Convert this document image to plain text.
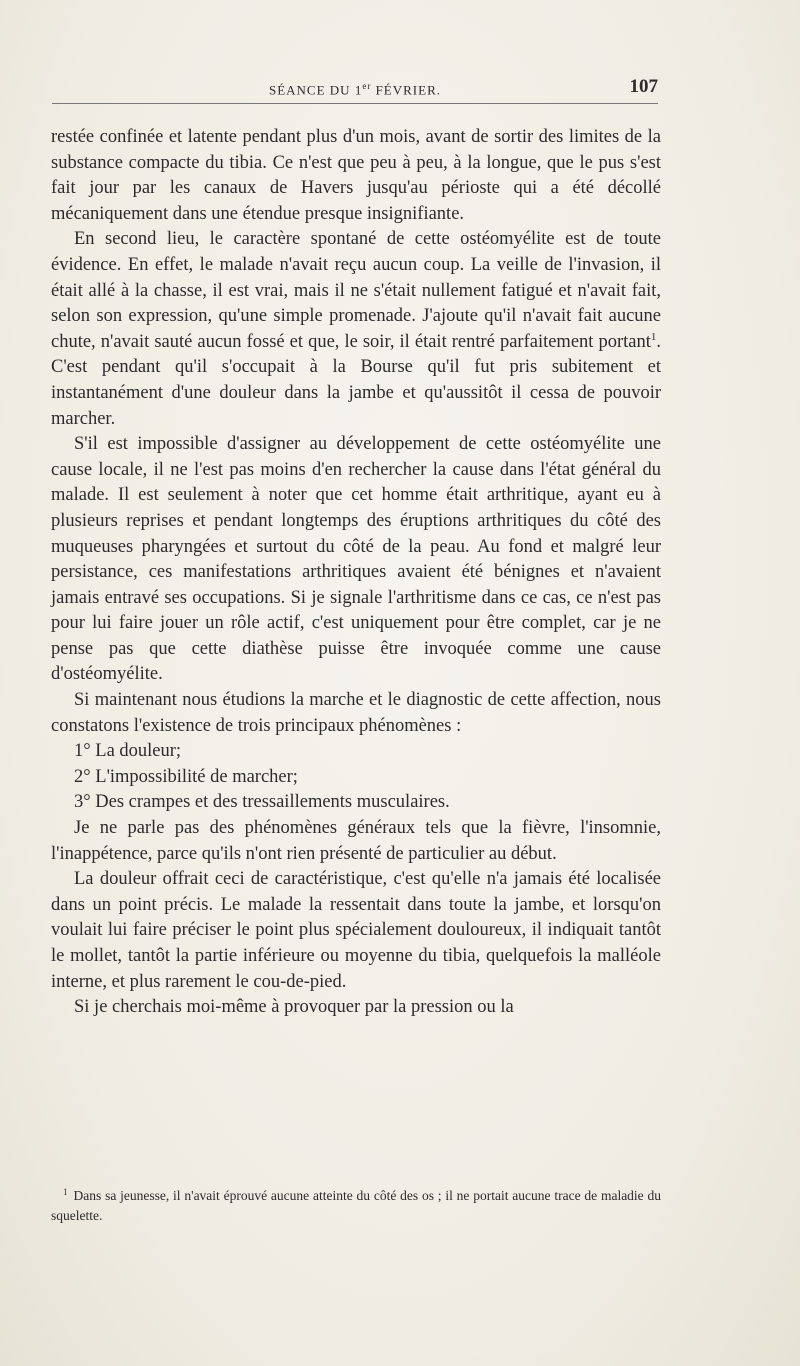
SÉANCE DU 1er FÉVRIER.	107

restée confinée et latente pendant plus d'un mois, avant de sortir des limites de la substance compacte du tibia. Ce n'est que peu à peu, à la longue, que le pus s'est fait jour par les canaux de Havers jusqu'au périoste qui a été décollé mécaniquement dans une étendue presque insignifiante.

En second lieu, le caractère spontané de cette ostéomyélite est de toute évidence. En effet, le malade n'avait reçu aucun coup. La veille de l'invasion, il était allé à la chasse, il est vrai, mais il ne s'était nullement fatigué et n'avait fait, selon son expression, qu'une simple promenade. J'ajoute qu'il n'avait fait aucune chute, n'avait sauté aucun fossé et que, le soir, il était rentré parfaitement portant$^1$. C'est pendant qu'il s'occupait à la Bourse qu'il fut pris subitement et instantanément d'une douleur dans la jambe et qu'aussitôt il cessa de pouvoir marcher.

S'il est impossible d'assigner au développement de cette ostéomyélite une cause locale, il ne l'est pas moins d'en rechercher la cause dans l'état général du malade. Il est seulement à noter que cet homme était arthritique, ayant eu à plusieurs reprises et pendant longtemps des éruptions arthritiques du côté des muqueuses pharyngées et surtout du côté de la peau. Au fond et malgré leur persistance, ces manifestations arthritiques avaient été bénignes et n'avaient jamais entravé ses occupations. Si je signale l'arthritisme dans ce cas, ce n'est pas pour lui faire jouer un rôle actif, c'est uniquement pour être complet, car je ne pense pas que cette diathèse puisse être invoquée comme une cause d'ostéomyélite.

Si maintenant nous étudions la marche et le diagnostic de cette affection, nous constatons l'existence de trois principaux phénomènes :

1° La douleur;

2° L'impossibilité de marcher;

3° Des crampes et des tressaillements musculaires.

Je ne parle pas des phénomènes généraux tels que la fièvre, l'insomnie, l'inappétence, parce qu'ils n'ont rien présenté de particulier au début.

La douleur offrait ceci de caractéristique, c'est qu'elle n'a jamais été localisée dans un point précis. Le malade la ressentait dans toute la jambe, et lorsqu'on voulait lui faire préciser le point plus spécialement douloureux, il indiquait tantôt le mollet, tantôt la partie inférieure ou moyenne du tibia, quelquefois la malléole interne, et plus rarement le cou-de-pied.

Si je cherchais moi-même à provoquer par la pression ou la

$^1$ Dans sa jeunesse, il n'avait éprouvé aucune atteinte du côté des os ; il ne portait aucune trace de maladie du squelette.
